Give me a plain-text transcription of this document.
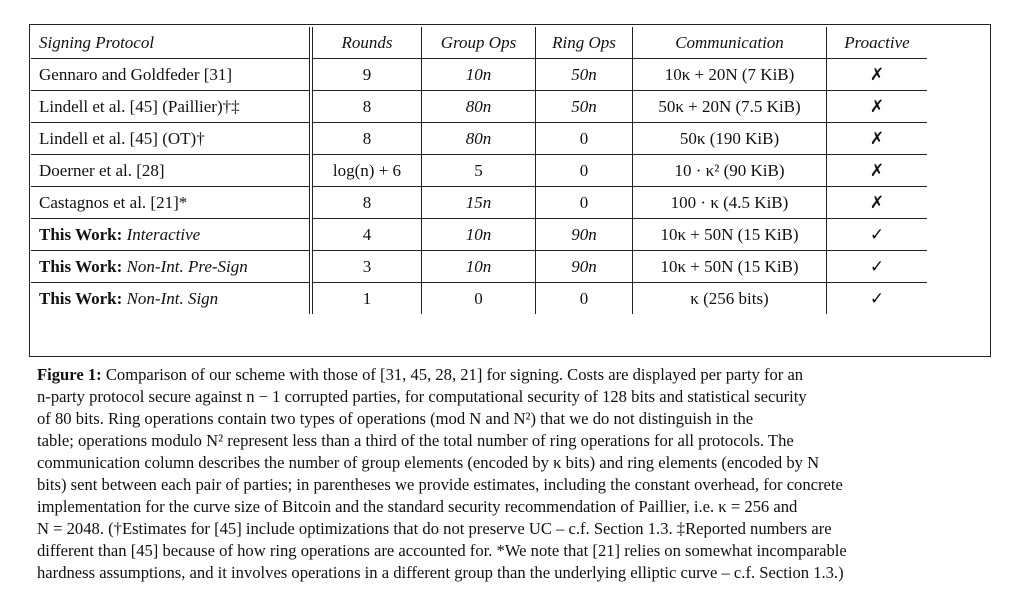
Signing Protocol	Rounds	Group Ops	Ring Ops	Communication	Proactive
Gennaro and Goldfeder [31]	9	10n	50n	10κ + 20N (7 KiB)	✗
Lindell et al. [45] (Paillier)†‡	8	80n	50n	50κ + 20N (7.5 KiB)	✗
Lindell et al. [45] (OT)†	8	80n	0	50κ (190 KiB)	✗
Doerner et al. [28]	log(n) + 6	5	0	10 · κ² (90 KiB)	✗
Castagnos et al. [21]*	8	15n	0	100 · κ (4.5 KiB)	✗
This Work: Interactive	4	10n	90n	10κ + 50N (15 KiB)	✓
This Work: Non-Int. Pre-Sign	3	10n	90n	10κ + 50N (15 KiB)	✓
This Work: Non-Int. Sign	1	0	0	κ (256 bits)	✓
Figure 1: Comparison of our scheme with those of [31, 45, 28, 21] for signing. Costs are displayed per party for an
n-party protocol secure against n − 1 corrupted parties, for computational security of 128 bits and statistical security
of 80 bits. Ring operations contain two types of operations (mod N and N²) that we do not distinguish in the
table; operations modulo N² represent less than a third of the total number of ring operations for all protocols. The
communication column describes the number of group elements (encoded by κ bits) and ring elements (encoded by N
bits) sent between each pair of parties; in parentheses we provide estimates, including the constant overhead, for concrete
implementation for the curve size of Bitcoin and the standard security recommendation of Paillier, i.e. κ = 256 and
N = 2048. (†Estimates for [45] include optimizations that do not preserve UC – c.f. Section 1.3. ‡Reported numbers are
different than [45] because of how ring operations are accounted for. *We note that [21] relies on somewhat incomparable
hardness assumptions, and it involves operations in a different group than the underlying elliptic curve – c.f. Section 1.3.)
